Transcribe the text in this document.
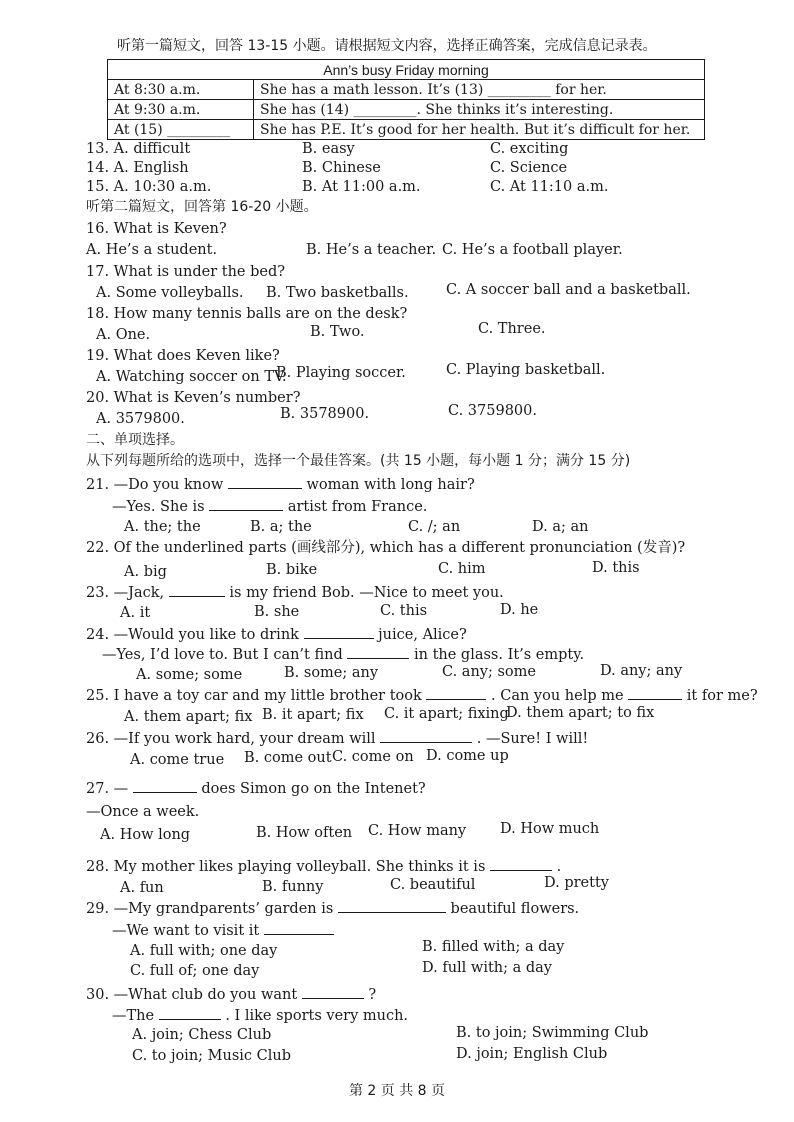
听第一篇短文，回答 13-15 小题。请根据短文内容，选择正确答案，完成信息记录表。
Ann’s busy Friday morning	
At 8:30 a.m.	She has a math lesson. It’s (13) _________ for her.
At 9:30 a.m.	She has (14) _________. She thinks it’s interesting.
At (15) _________	She has P.E. It’s good for her health. But it’s difficult for her.
13. A. difficult	B. easy	C. exciting
14. A. English	B. Chinese	C. Science
15. A. 10:30 a.m.	B. At 11:00 a.m.	C. At 11:10 a.m.
听第二篇短文，回答第 16-20 小题。
16. What is Keven?
A. He’s a student.	B. He’s a teacher. C. He’s a football player.
17. What is under the bed?
A. Some volleyballs. B. Two basketballs.	C. A soccer ball and a basketball.
18. How many tennis balls are on the desk?
A. One.	B. Two.	C. Three.
19. What does Keven like?
A. Watching soccer on TV.
B. Playing soccer.	C. Playing basketball.
20. What is Keven’s number?
A. 3579800.	B. 3578900.	C. 3759800.
二、单项选择。
从下列每题所给的选项中，选择一个最佳答案。(共 15 小题，每小题 1 分；满分 15 分)
21. —Do you know	woman with long hair?
—Yes. She is	artist from France.
A. the; the	B. a; the	C. /; an	D. a; an
22. Of the underlined parts (画线部分), which has a different pronunciation (发音)?
A. big	B. bike	C. him	D. this
23. —Jack,	is my friend Bob. —Nice to meet you.
A. it	B. she	C. this	D. he
24. —Would you like to drink	juice, Alice?
—Yes, I’d love to. But I can’t find	in the glass. It’s empty.
A. some; some	B. some; any	C. any; some	D. any; any
25. I have a toy car and my little brother took	. Can you help me	it for me?
A. them apart; fix B. it apart; fix C. it apart; fixing
D. them apart; to fix
26. —If you work hard, your dream will	. —Sure! I will!
A. come true B. come out C. come on D. come up
27. —	does Simon go on the Intenet?
—Once a week.
A. How long	B. How often C. How many D. How much
28. My mother likes playing volleyball. She thinks it is	.
A. fun	B. funny	C. beautiful	D. pretty
29. —My grandparents’ garden is	beautiful flowers.
—We want to visit it
A. full with; one day	B. filled with; a day
C. full of; one day	D. full with; a day
30. —What club do you want	?
—The	. I like sports very much.
A. join; Chess Club	B. to join; Swimming Club
C. to join; Music Club	D. join; English Club
第 2 页 共 8 页
